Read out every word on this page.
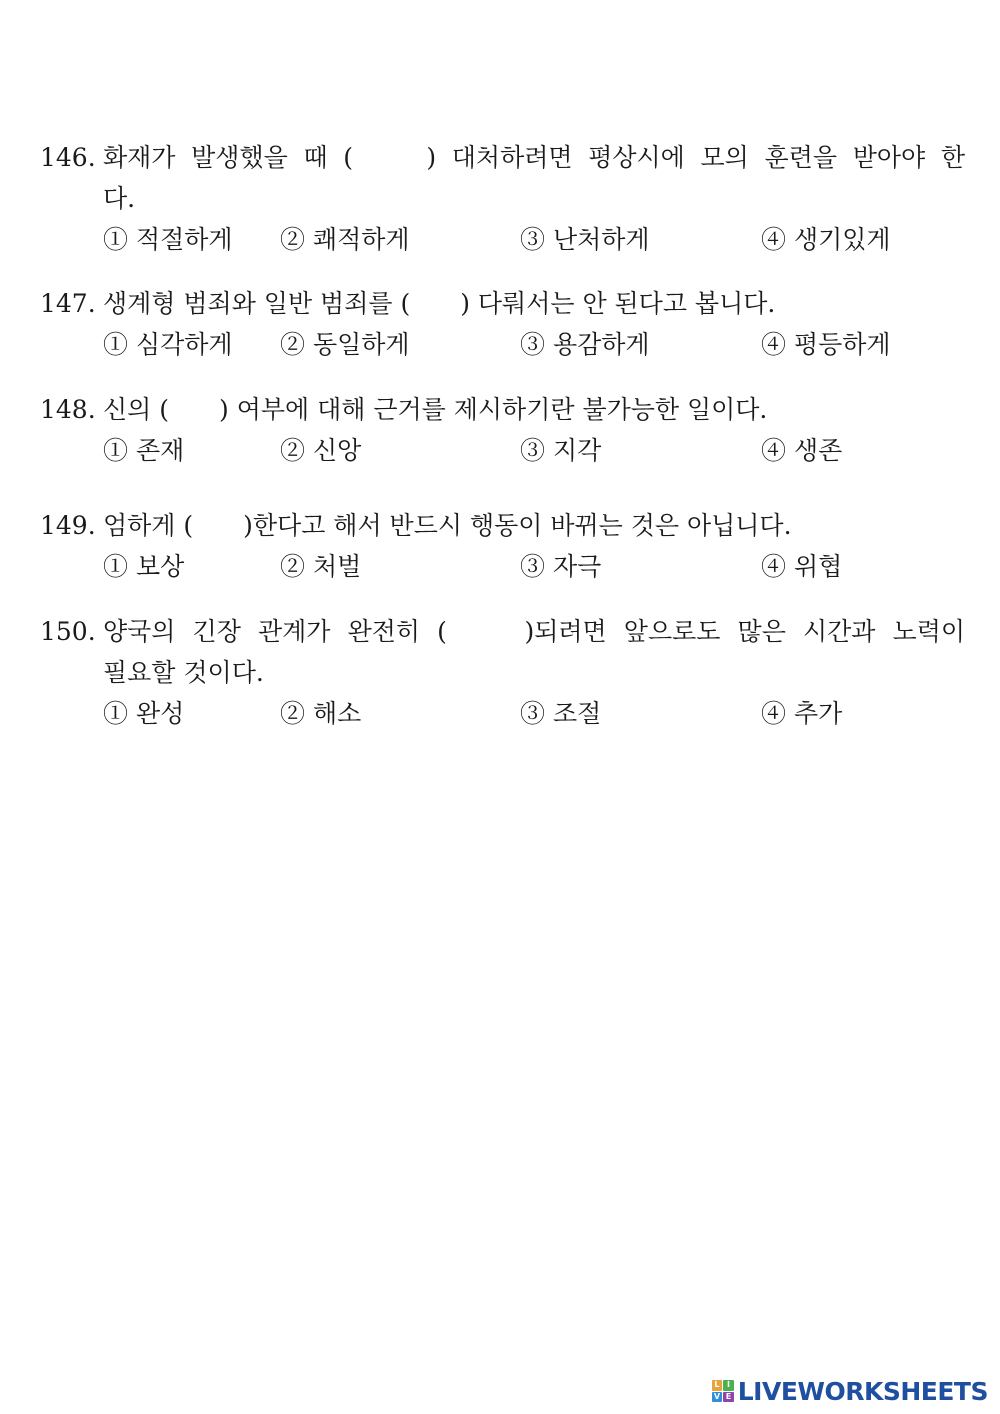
146. 화재가 발생했을 때 (　　) 대처하려면 평상시에 모의 훈련을 받아야 한
다.
① 적절하게 ② 쾌적하게	③ 난처하게	④ 생기있게
147. 생계형 범죄와 일반 범죄를 (　　) 다뤄서는 안 된다고 봅니다.
① 심각하게 ② 동일하게	③ 용감하게	④ 평등하게
148. 신의 (　　) 여부에 대해 근거를 제시하기란 불가능한 일이다.
① 존재	② 신앙	③ 지각	④ 생존
149. 엄하게 (　　)한다고 해서 반드시 행동이 바뀌는 것은 아닙니다.
① 보상	② 처벌	③ 자극	④ 위협
150. 양국의 긴장 관계가 완전히 (　　)되려면 앞으로도 많은 시간과 노력이
필요할 것이다.
① 완성	② 해소	③ 조절	④ 추가
L I
V E LIVEWORKSHEETS
